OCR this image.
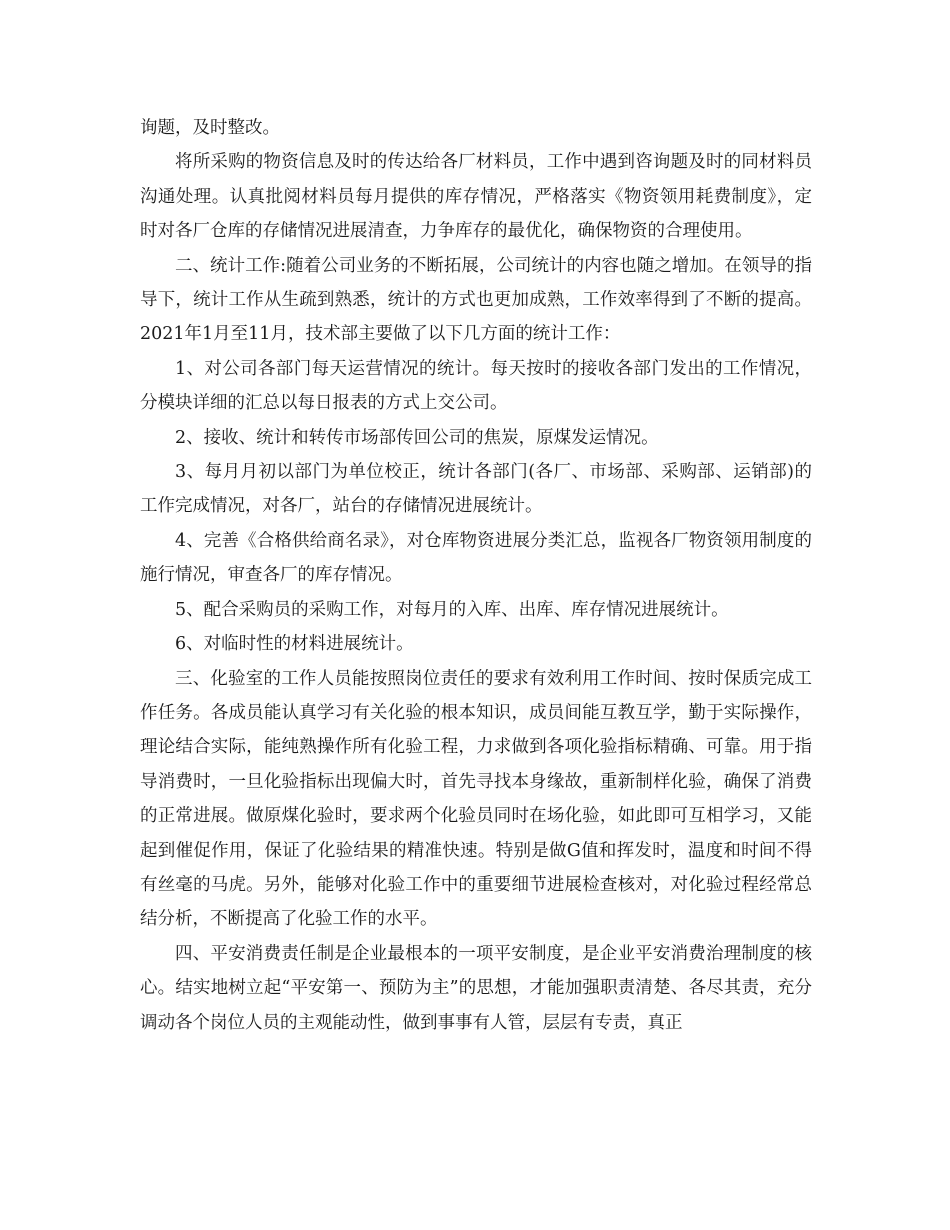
询题，及时整改。

将所采购的物资信息及时的传达给各厂材料员，工作中遇到咨询题及时的同材料员沟通处理。认真批阅材料员每月提供的库存情况，严格落实《物资领用耗费制度》，定时对各厂仓库的存储情况进展清查，力争库存的最优化，确保物资的合理使用。

二、统计工作:随着公司业务的不断拓展，公司统计的内容也随之增加。在领导的指导下，统计工作从生疏到熟悉，统计的方式也更加成熟，工作效率得到了不断的提高。2021年1月至11月，技术部主要做了以下几方面的统计工作：

1、对公司各部门每天运营情况的统计。每天按时的接收各部门发出的工作情况，分模块详细的汇总以每日报表的方式上交公司。

2、接收、统计和转传市场部传回公司的焦炭，原煤发运情况。

3、每月月初以部门为单位校正，统计各部门(各厂、市场部、采购部、运销部)的工作完成情况，对各厂，站台的存储情况进展统计。

4、完善《合格供给商名录》，对仓库物资进展分类汇总，监视各厂物资领用制度的施行情况，审查各厂的库存情况。

5、配合采购员的采购工作，对每月的入库、出库、库存情况进展统计。

6、对临时性的材料进展统计。

三、化验室的工作人员能按照岗位责任的要求有效利用工作时间、按时保质完成工作任务。各成员能认真学习有关化验的根本知识，成员间能互教互学，勤于实际操作，理论结合实际，能纯熟操作所有化验工程，力求做到各项化验指标精确、可靠。用于指导消费时，一旦化验指标出现偏大时，首先寻找本身缘故，重新制样化验，确保了消费的正常进展。做原煤化验时，要求两个化验员同时在场化验，如此即可互相学习，又能起到催促作用，保证了化验结果的精准快速。特别是做G值和挥发时，温度和时间不得有丝毫的马虎。另外，能够对化验工作中的重要细节进展检查核对，对化验过程经常总结分析，不断提高了化验工作的水平。

四、平安消费责任制是企业最根本的一项平安制度，是企业平安消费治理制度的核心。结实地树立起“平安第一、预防为主”的思想，才能加强职责清楚、各尽其责，充分调动各个岗位人员的主观能动性，做到事事有人管，层层有专责，真正
